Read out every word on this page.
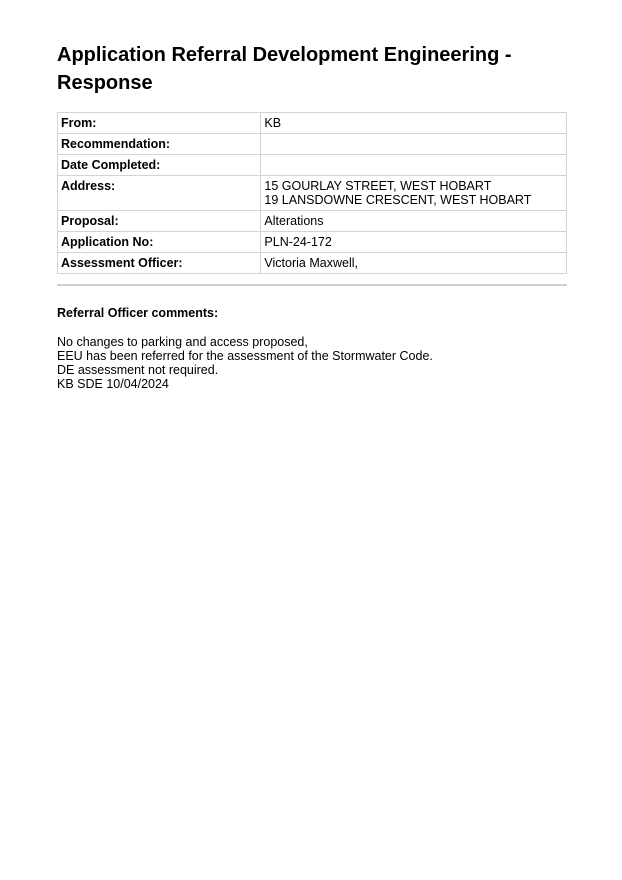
Application Referral Development Engineering -
Response
From:	KB
Recommendation:	
Date Completed:	
Address:	15 GOURLAY STREET, WEST HOBART
19 LANSDOWNE CRESCENT, WEST HOBART

Proposal:	Alterations
Application No:	PLN-24-172
Assessment Officer:	Victoria Maxwell,
Referral Officer comments:
No changes to parking and access proposed,
EEU has been referred for the assessment of the Stormwater Code.
DE assessment not required.
KB SDE 10/04/2024
